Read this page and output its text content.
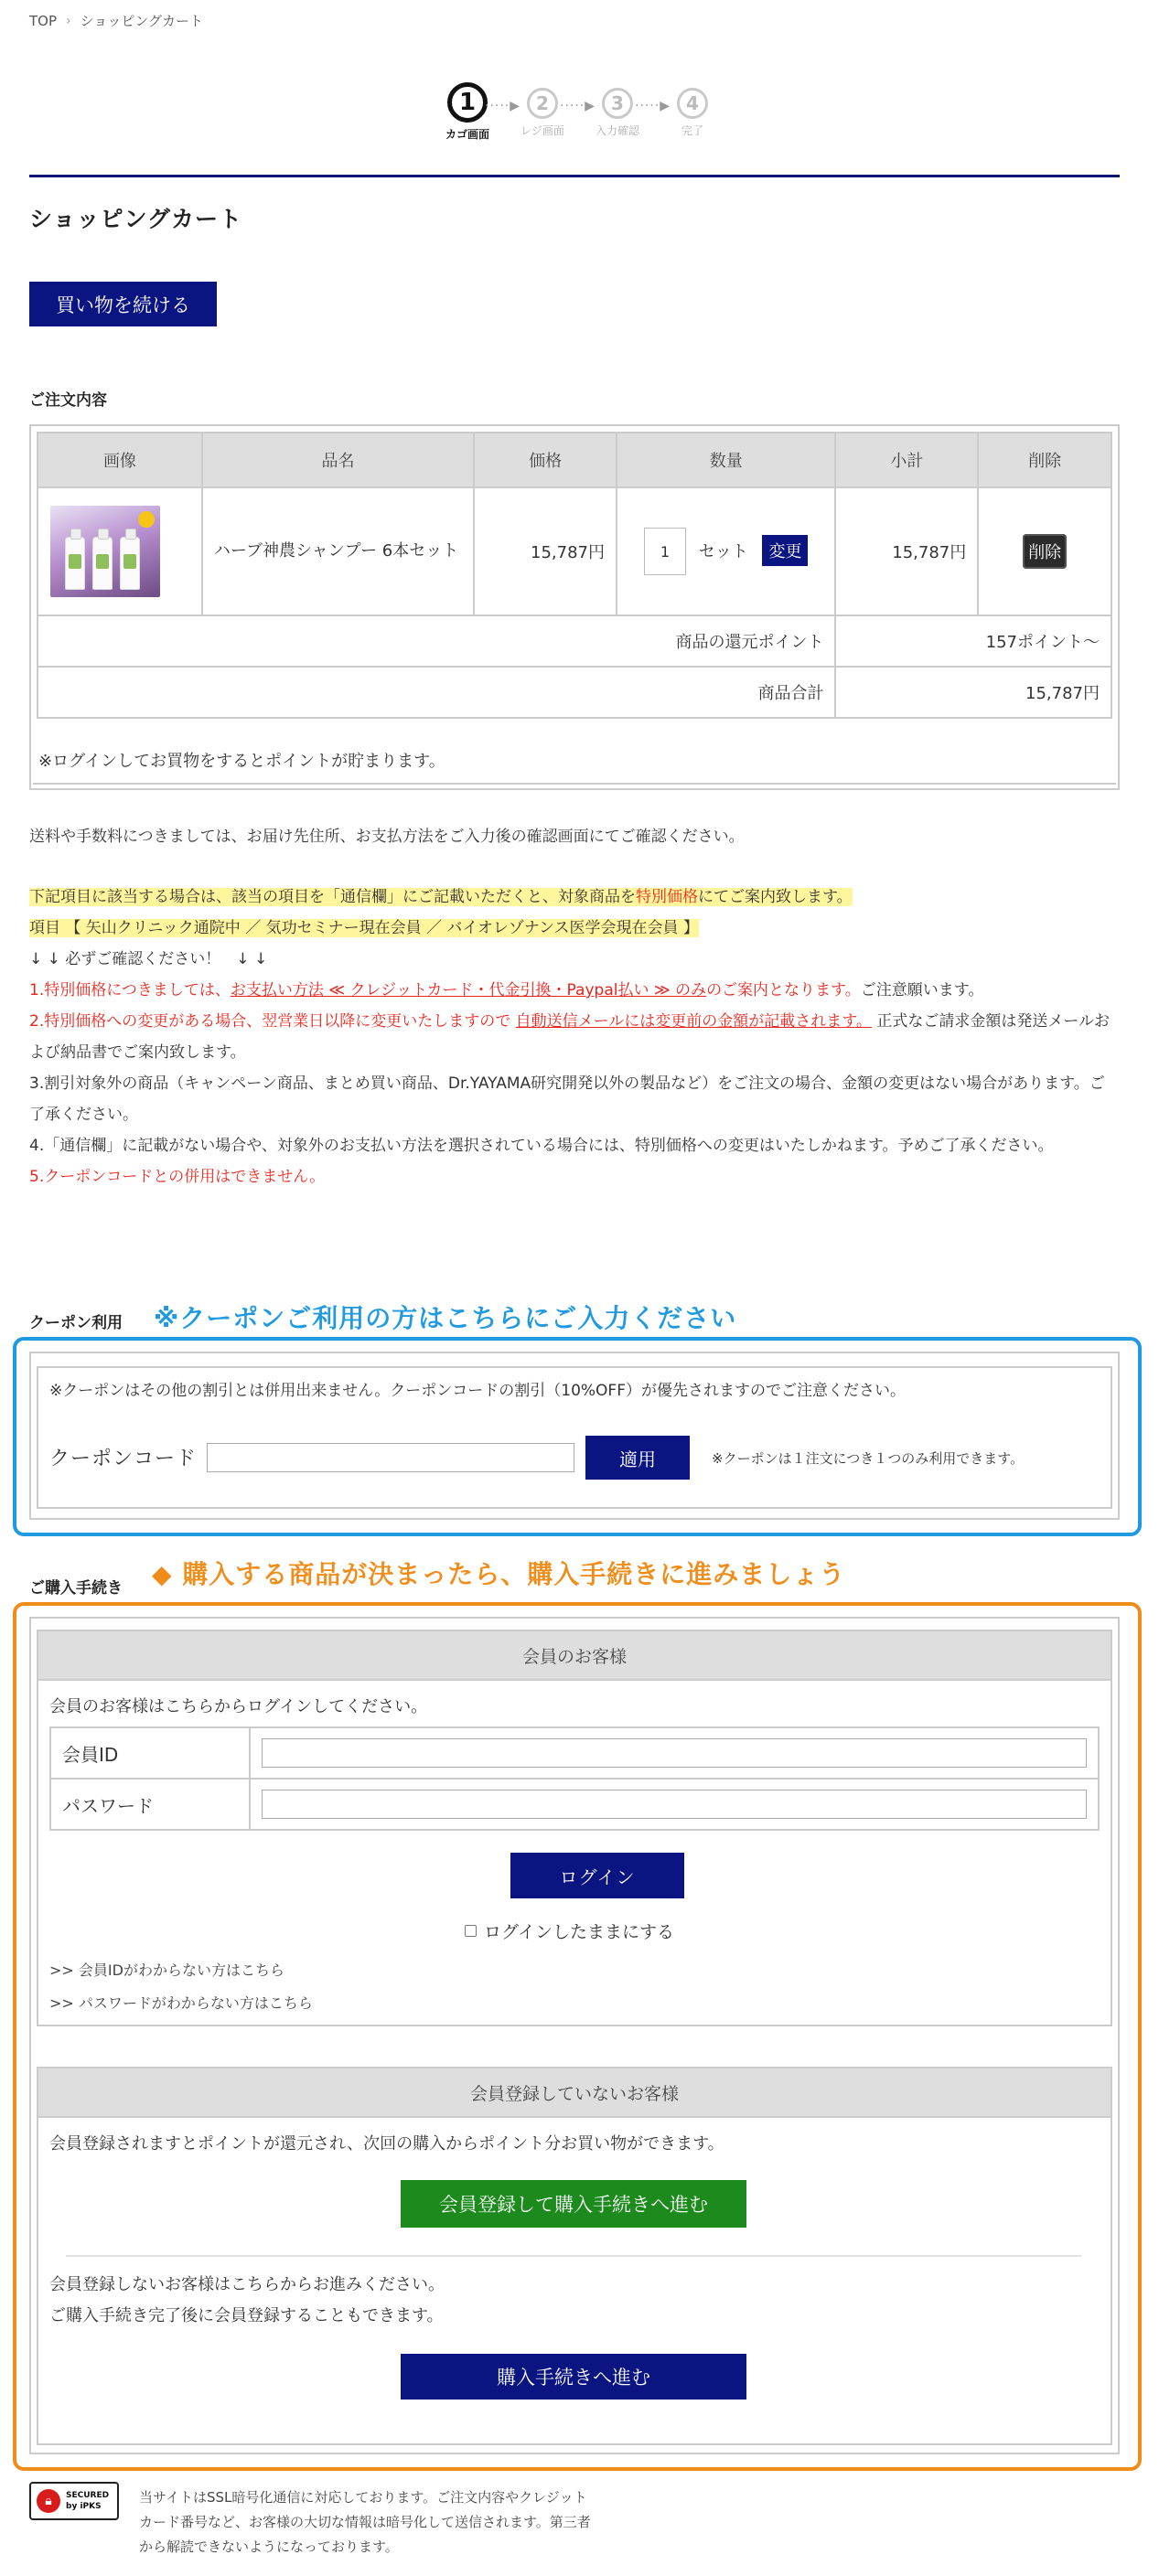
TOP › ショッピングカート
1
カゴ画面
·····▶ 2
レジ画面
·····▶ 3
入力確認
·····▶ 4
完了
ショッピングカート
買い物を続ける
ご注文内容
画像	品名	価格	数量	小計	削除

	ハーブ神農シャンプー 6本セット	15,787円	1 セット 変更	15,787円	削除
商品の還元ポイント				157ポイント〜	
商品合計				15,787円	
※ログインしてお買物をするとポイントが貯まります。
送料や手数料につきましては、お届け先住所、お支払方法をご入力後の確認画面にてご確認ください。
下記項目に該当する場合は、該当の項目を「通信欄」にご記載いただくと、対象商品を特別価格にてご案内致します。
項目 【 矢山クリニック通院中 ／ 気功セミナー現在会員 ／ バイオレゾナンス医学会現在会員 】
↓ ↓ 必ずご確認ください！　↓ ↓
1.特別価格につきましては、お支払い方法 ≪ クレジットカード・代金引換・Paypal払い ≫ のみのご案内となります。ご注意願います。
2.特別価格への変更がある場合、翌営業日以降に変更いたしますので 自動送信メールには変更前の金額が記載されます。 正式なご請求金額は発送メールおよび納品書でご案内致します。
3.割引対象外の商品（キャンペーン商品、まとめ買い商品、Dr.YAYAMA研究開発以外の製品など）をご注文の場合、金額の変更はない場合があります。ご了承ください。
4.「通信欄」に記載がない場合や、対象外のお支払い方法を選択されている場合には、特別価格への変更はいたしかねます。予めご了承ください。
5.クーポンコードとの併用はできません。
クーポン利用 ※クーポンご利用の方はこちらにご入力ください
※クーポンはその他の割引とは併用出来ません。クーポンコードの割引（10%OFF）が優先されますのでご注意ください。
クーポンコード	適用	※クーポンは１注文につき１つのみ利用できます。
ご購入手続き ◆ 購入する商品が決まったら、購入手続きに進みましょう
会員のお客様
会員のお客様はこちらからログインしてください。
会員ID	
パスワード	
ログイン
ログインしたままにする
>> 会員IDがわからない方はこちら
>> パスワードがわからない方はこちら
会員登録していないお客様
会員登録されますとポイントが還元され、次回の購入からポイント分お買い物ができます。
会員登録して購入手続きへ進む
会員登録しないお客様はこちらからお進みください。
ご購入手続き完了後に会員登録することもできます。
購入手続きへ進む
🔒︎	SECURED
by iPKS
当サイトはSSL暗号化通信に対応しております。ご注文内容やクレジットカード番号など、お客様の大切な情報は暗号化して送信されます。第三者から解読できないようになっております。
